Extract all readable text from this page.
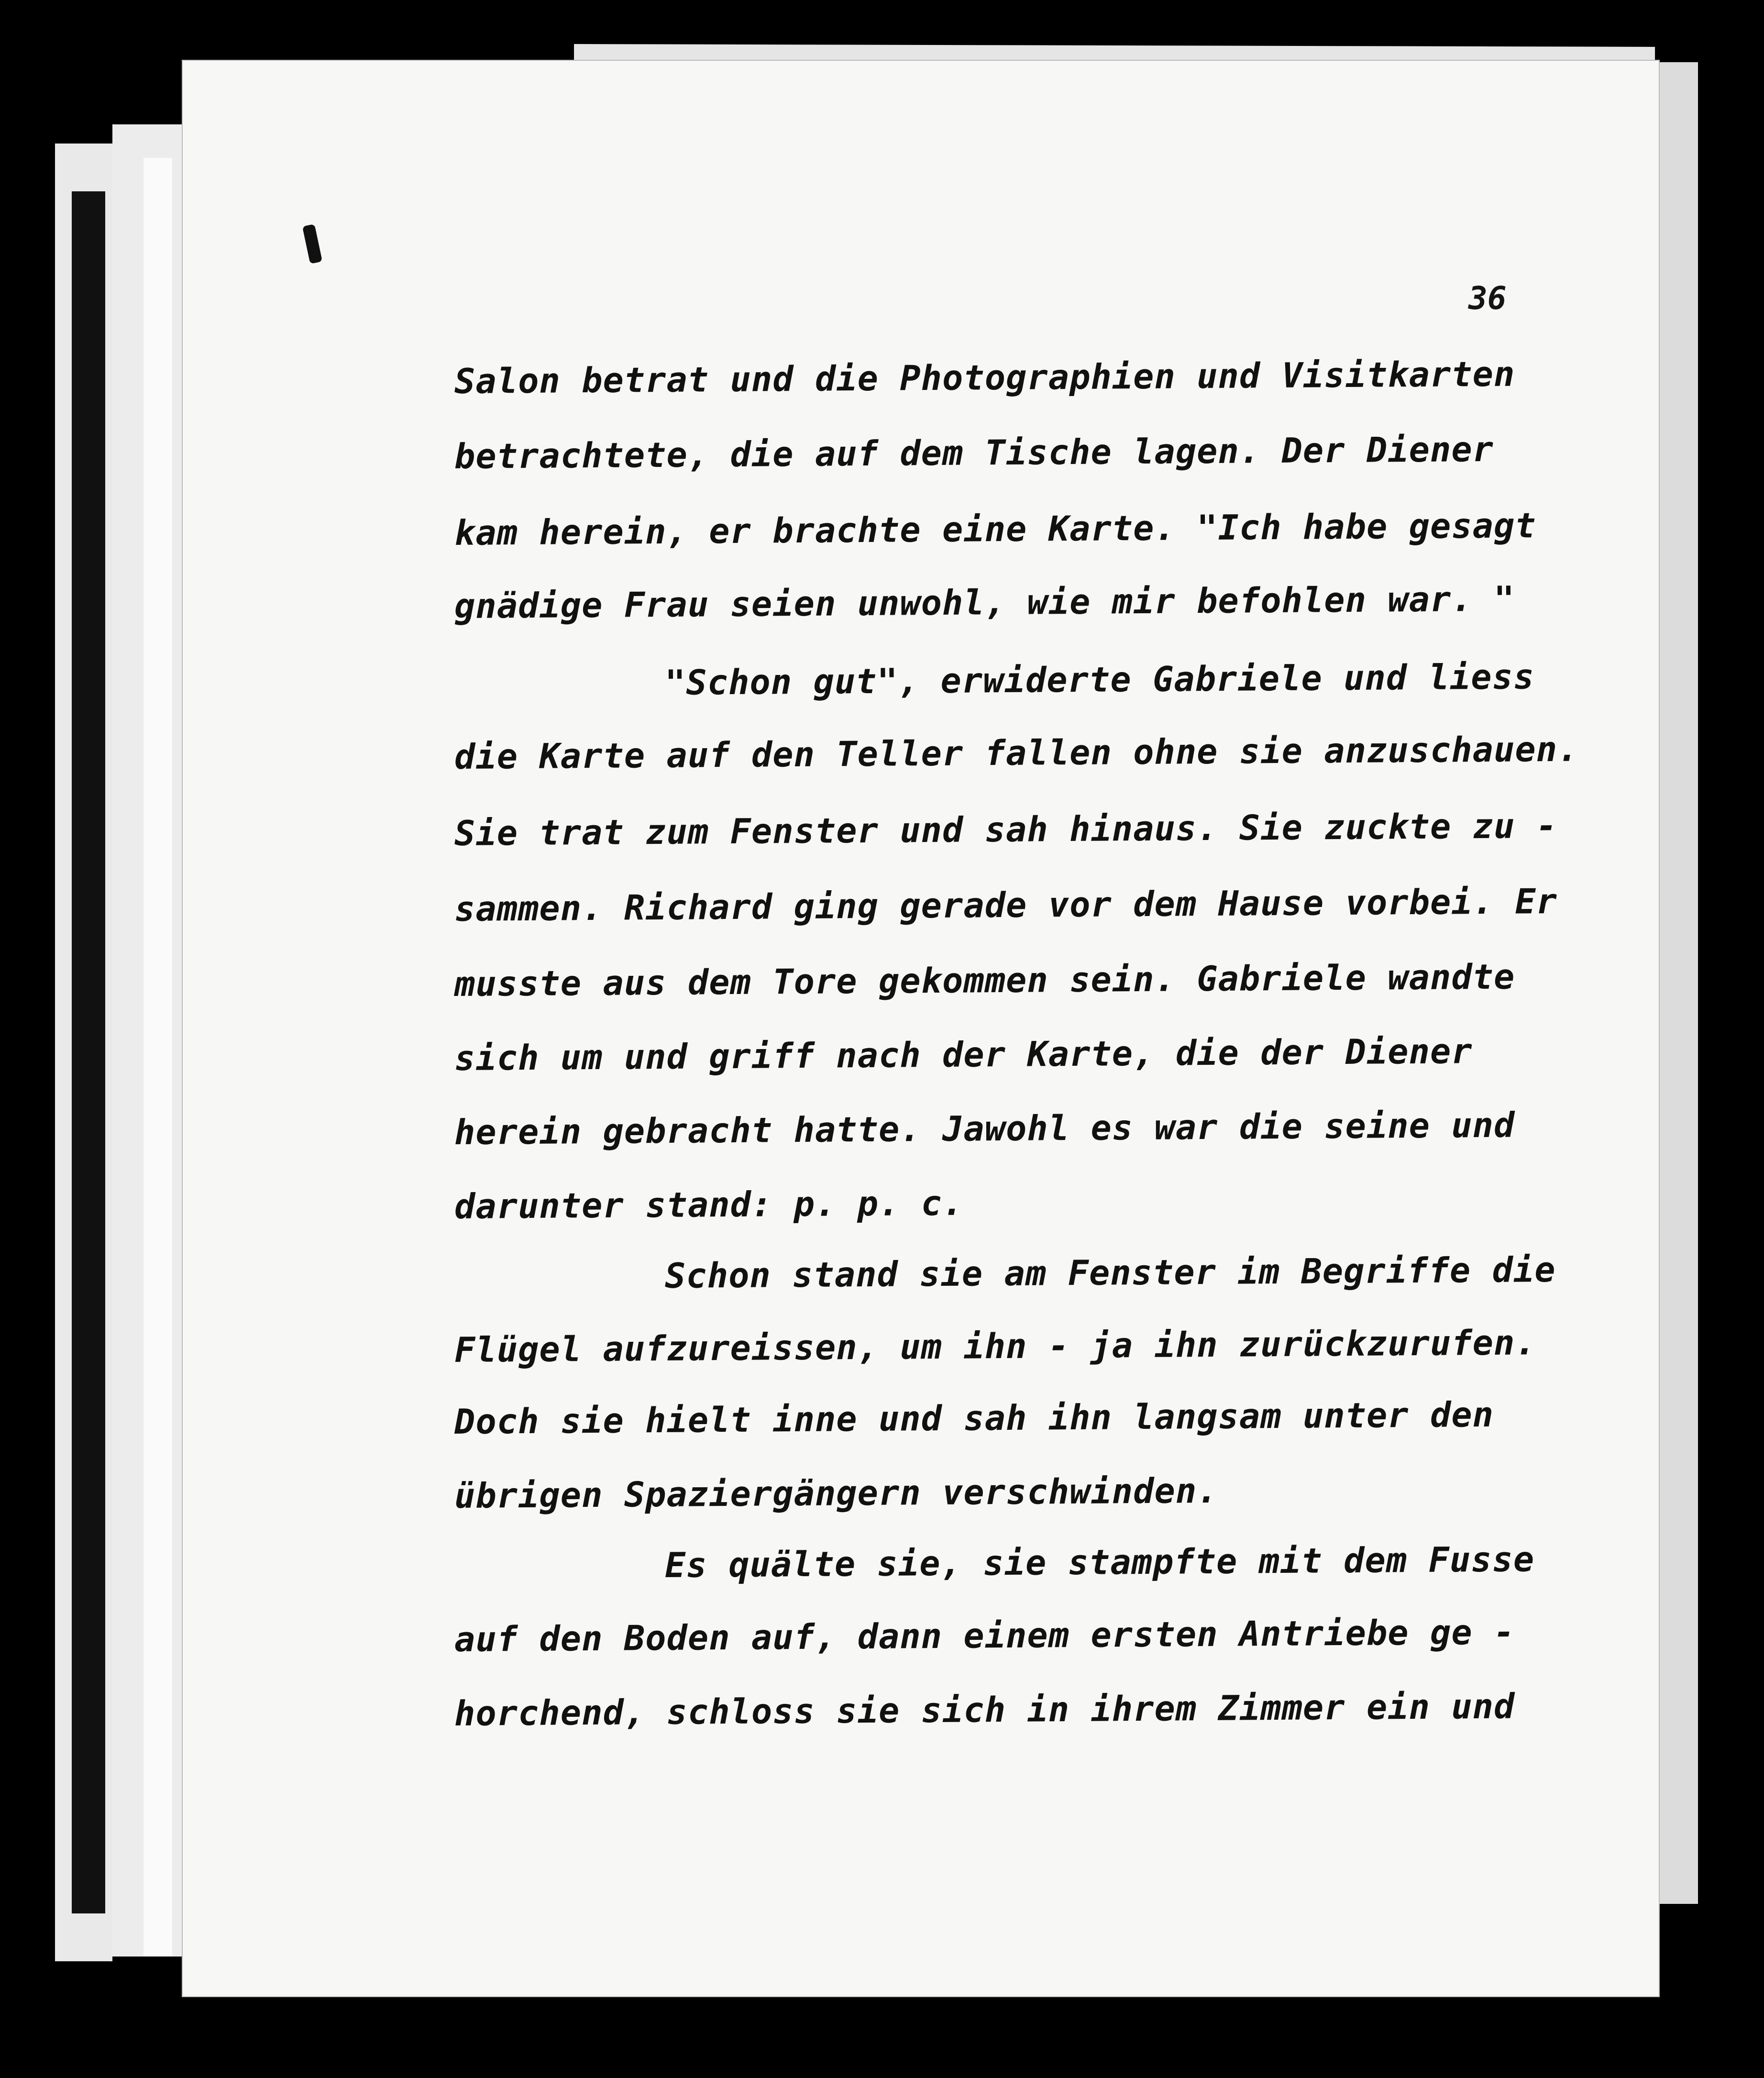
36
Salon betrat und die Photographien und Visitkarten
betrachtete, die auf dem Tische lagen. Der Diener
kam herein, er brachte eine Karte. "Ich habe gesagt
gnädige Frau seien unwohl, wie mir befohlen war. "
"Schon gut", erwiderte Gabriele und liess
die Karte auf den Teller fallen ohne sie anzuschauen.
Sie trat zum Fenster und sah hinaus. Sie zuckte zu -
sammen. Richard ging gerade vor dem Hause vorbei. Er
musste aus dem Tore gekommen sein. Gabriele wandte
sich um und griff nach der Karte, die der Diener
herein gebracht hatte. Jawohl es war die seine und
darunter stand: p. p. c.
Schon stand sie am Fenster im Begriffe die
Flügel aufzureissen, um ihn - ja ihn zurückzurufen.
Doch sie hielt inne und sah ihn langsam unter den
übrigen Spaziergängern verschwinden.
Es quälte sie, sie stampfte mit dem Fusse
auf den Boden auf, dann einem ersten Antriebe ge -
horchend, schloss sie sich in ihrem Zimmer ein und
